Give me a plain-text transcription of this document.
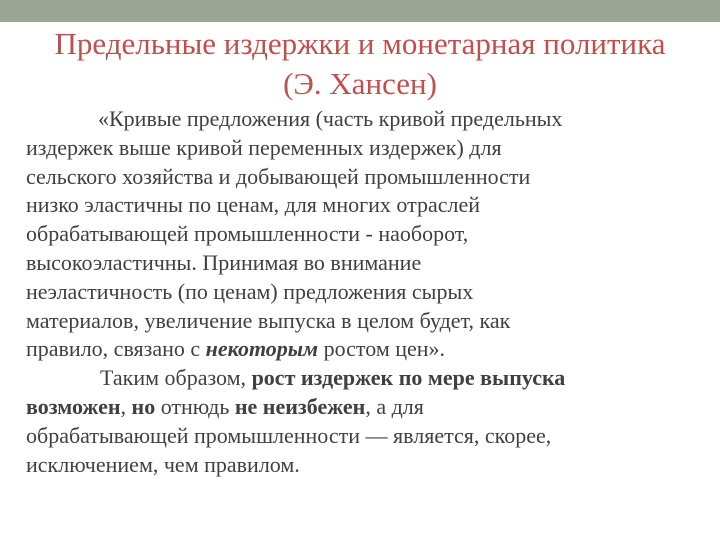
Предельные издержки и монетарная политика
(Э. Хансен)
«Кривые предложения (часть кривой предельных
издержек выше кривой переменных издержек) для
сельского хозяйства и добывающей промышленности
низко эластичны по ценам, для многих отраслей
обрабатывающей промышленности - наоборот,
высокоэластичны. Принимая во внимание
неэластичность (по ценам) предложения сырых
материалов, увеличение выпуска в целом будет, как
правило, связано с некоторым ростом цен».
Таким образом, рост издержек по мере выпуска
возможен, но отнюдь не неизбежен, а для
обрабатывающей промышленности — является, скорее,
исключением, чем правилом.
